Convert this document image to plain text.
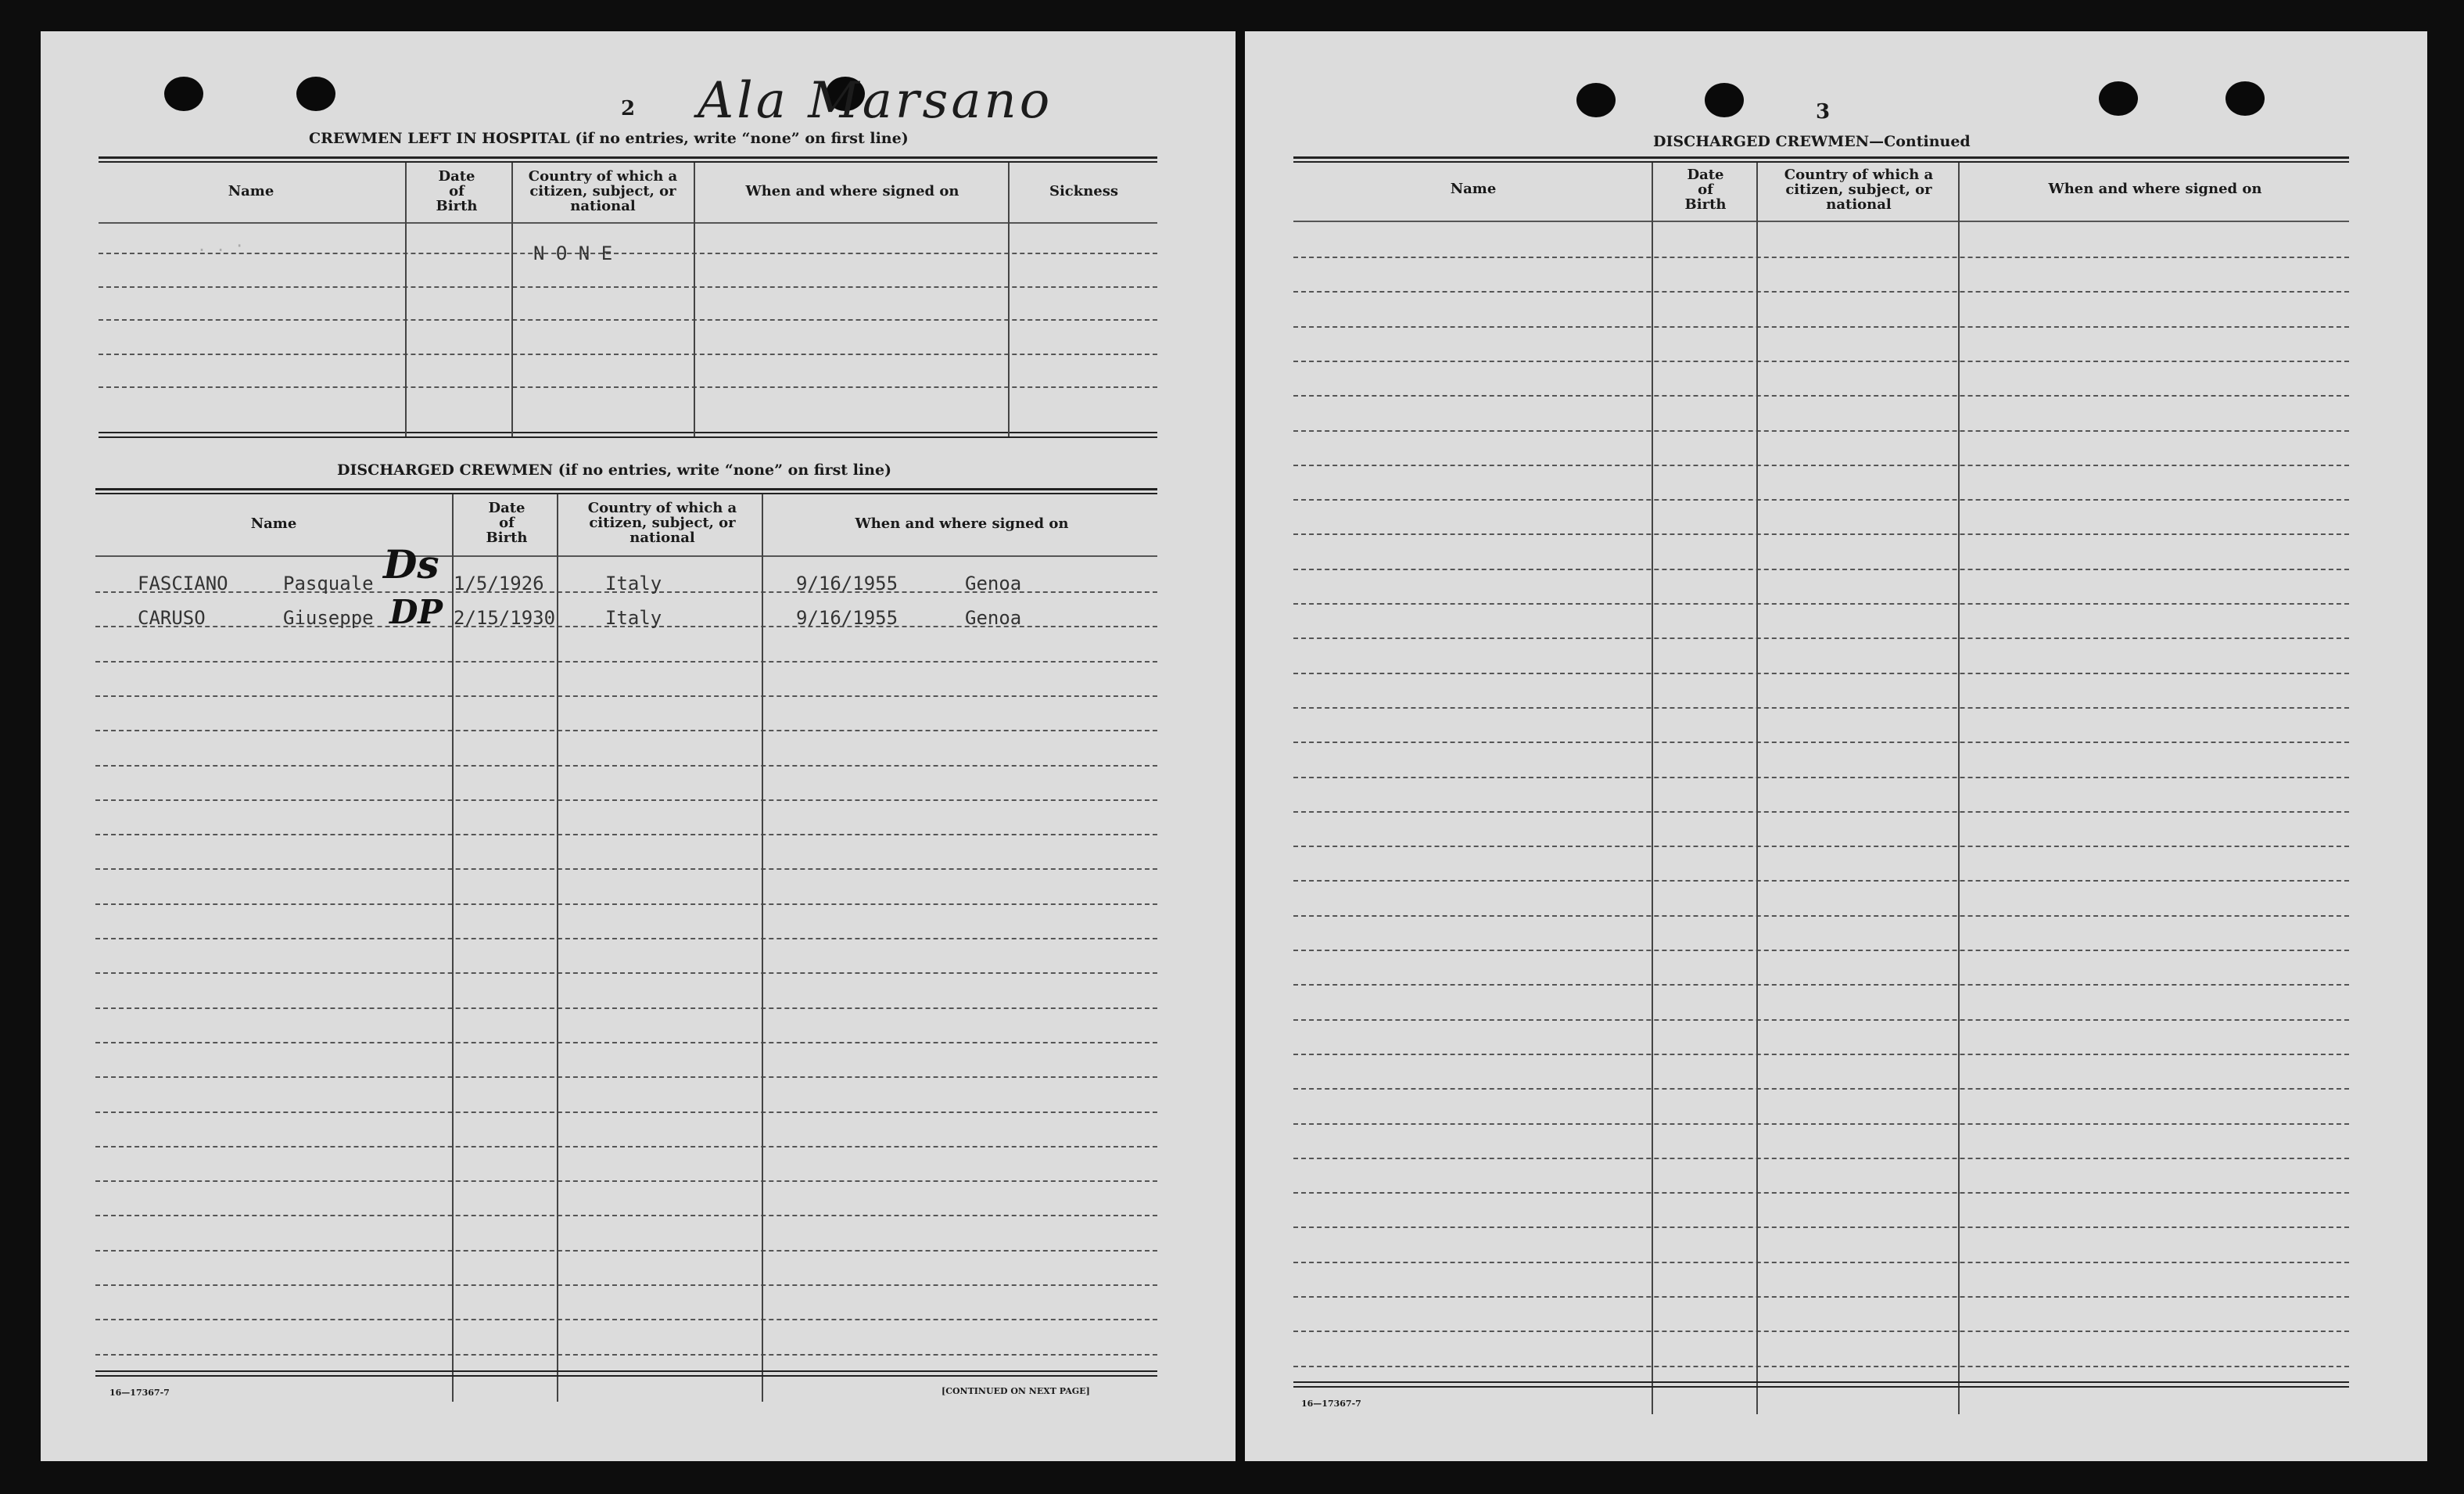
2 Ala Marsano
CREWMEN LEFT IN HOSPITAL (if no entries, write “none” on first line)
Name
Date of Birth
Country of which a citizen, subject, or national
When and where signed on	Sickness
N O N E
. . ·
DISCHARGED CREWMEN (if no entries, write “none” on first line)
Name
Date of Birth
Country of which a citizen, subject, or national
When and where signed on
FASCIANO	Pasquale Ds 1/5/1926	Italy	9/16/1955	Genoa
CARUSO	Giuseppe DP 2/15/1930	Italy	9/16/1955	Genoa
16—17367-7	[CONTINUED ON NEXT PAGE]
3
DISCHARGED CREWMEN—Continued
Name
Date of Birth
Country of which a citizen, subject, or national
When and where signed on
16—17367-7
